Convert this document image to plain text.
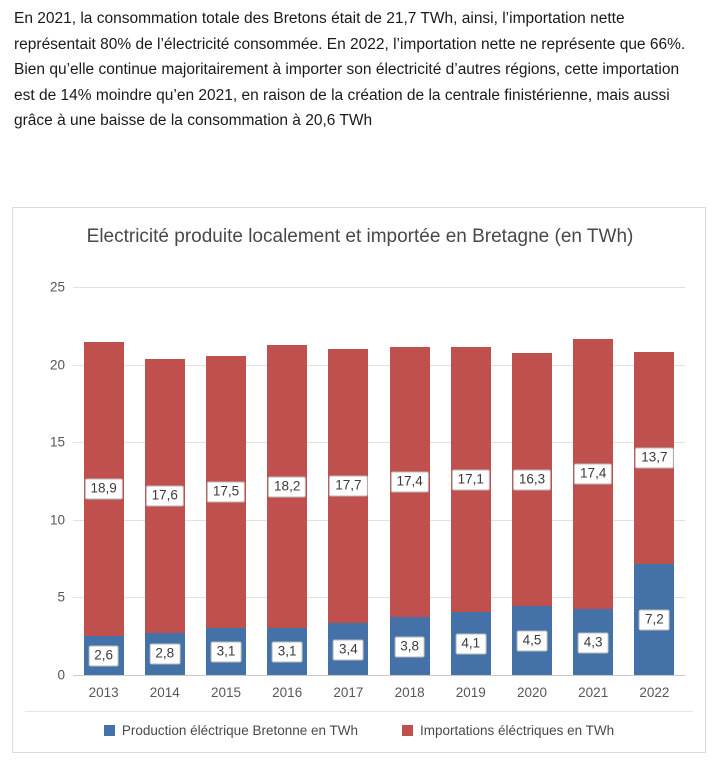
En 2021, la consommation totale des Bretons était de 21,7 TWh, ainsi, l’importation nette représentait 80% de l’électricité consommée. En 2022, l’importation nette ne représente que 66%. Bien qu’elle continue majoritairement à importer son électricité d’autres régions, cette importation est de 14% moindre qu’en 2021, en raison de la création de la centrale finistérienne, mais aussi grâce à une baisse de la consommation à 20,6 TWh
Electricité produite localement et importée en Bretagne (en TWh)
0
5
10
15
20
25
2,6
18,9
2013
2,8
17,6
2014
3,1
17,5
2015
3,1
18,2
2016
3,4
17,7
2017
3,8
17,4
2018
4,1
17,1
2019
4,5
16,3
2020
4,3
17,4
2021
7,2
13,7
2022
Production éléctrique Bretonne en TWh	Importations éléctriques en TWh
